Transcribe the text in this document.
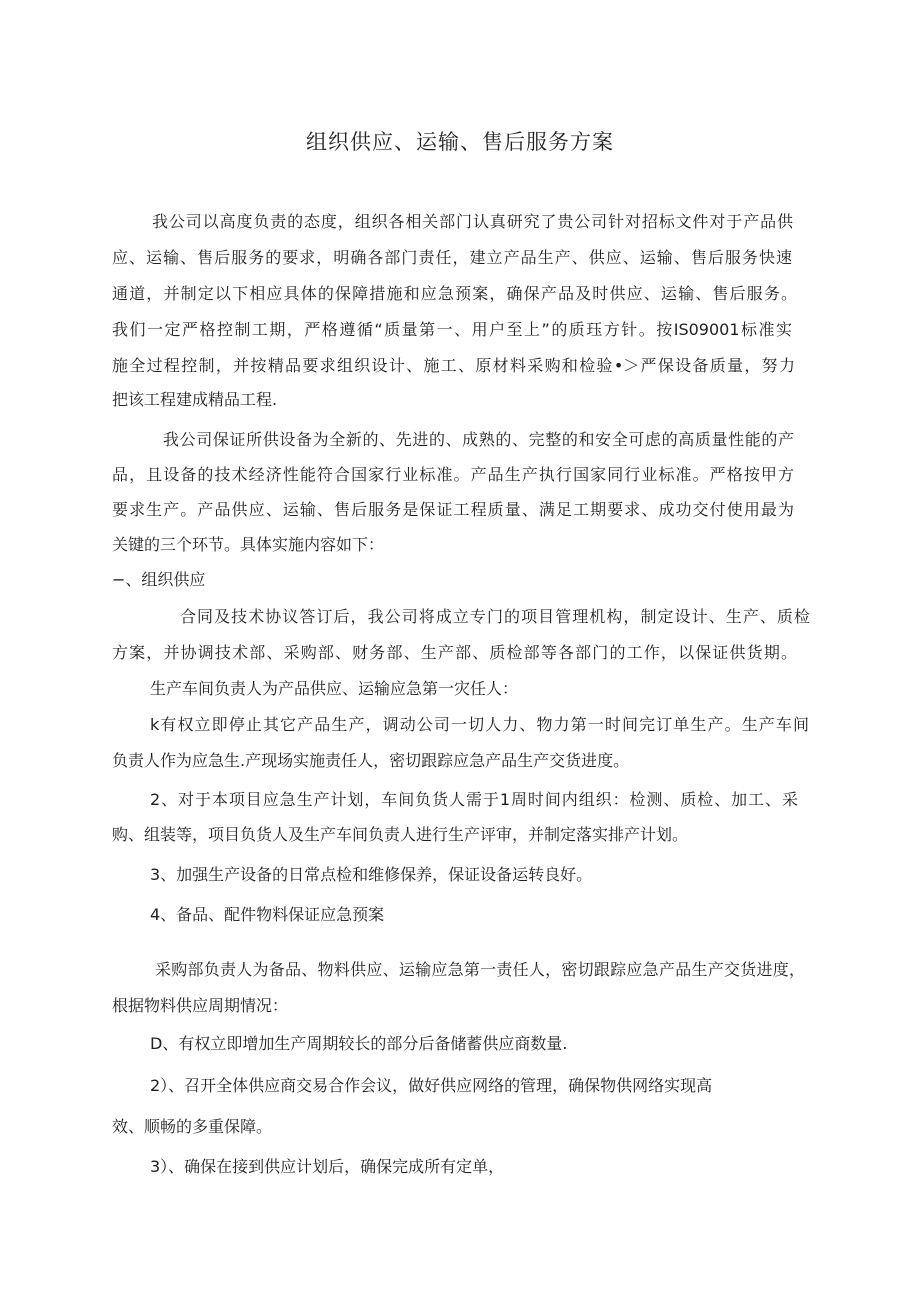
组织供应、运输、售后服务方案
我公司以高度负责的态度，组织各相关部门认真研究了贵公司针对招标文件对于产品供
应、运输、售后服务的要求，明确各部门责任，建立产品生产、供应、运输、售后服务快速
通道，并制定以下相应具体的保障措施和应急预案，确保产品及时供应、运输、售后服务。
我们一定严格控制工期，严格遵循“质量第一、用户至上”的质珏方针。按IS09001标准实
施全过程控制，并按精品要求组织设计、施工、原材料采购和检验•＞严保设备质量，努力
把该工程建成精品工程.
我公司保证所供设备为全新的、先进的、成熟的、完整的和安全可虑的高质量性能的产
品，且设备的技术经济性能符合国家行业标准。产品生产执行国家同行业标准。严格按甲方
要求生产。产品供应、运输、售后服务是保证工程质量、满足工期要求、成功交付使用最为
关键的三个环节。具体实施内容如下：
−、组织供应
合同及技术协议答订后，我公司将成立专门的项目管理机构，制定设计、生产、质检
方案，并协调技术部、采购部、财务部、生产部、质检部等各部门的工作，以保证供货期。
生产车间负责人为产品供应、运输应急第一灾任人：
k有权立即停止其它产品生产，调动公司一切人力、物力第一时间完订单生产。生产车间
负责人作为应急生.产现场实施责任人，密切跟踪应急产品生产交货进度。
2、对于本项目应急生产计划，车间负货人需于1周时间内组织：检测、质检、加工、采
购、组装等，项目负货人及生产车间负责人进行生产评审，并制定落实排产计划。
3、加强生产设备的日常点检和维修保养，保证设备运转良好。
4、备品、配件物料保证应急预案
采购部负责人为备品、物料供应、运输应急第一责任人，密切跟踪应急产品生产交货进度，
根据物料供应周期情况：
D、有权立即增加生产周期较长的部分后备储蓄供应商数量.
2）、召开全体供应商交易合作会议，做好供应网络的管理，确保物供网络实现高
效、顺畅的多重保障。
3）、确保在接到供应计划后，确保完成所有定单，
